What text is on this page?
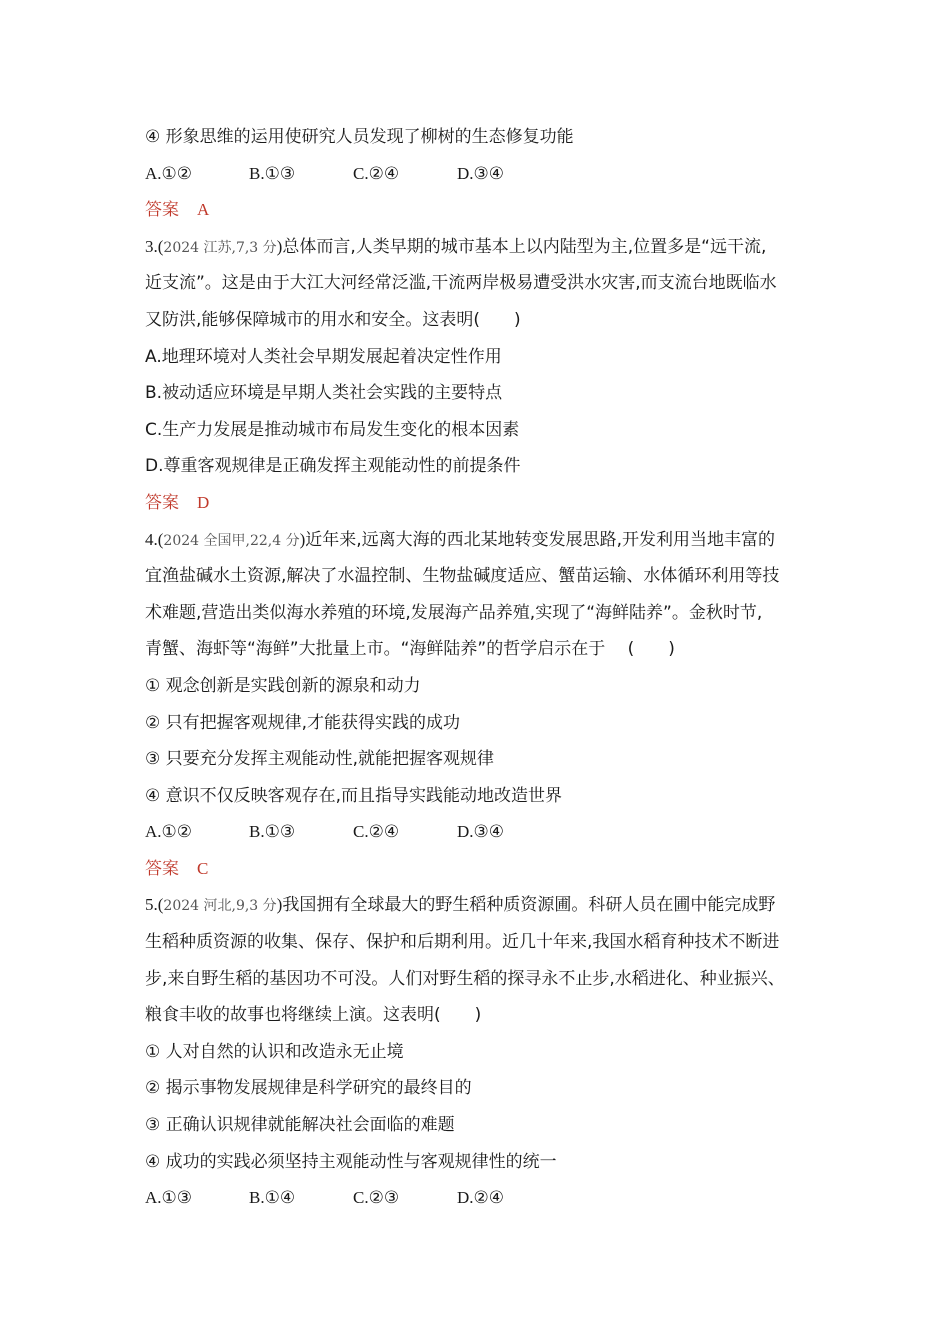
④ 形象思维的运用使研究人员发现了柳树的生态修复功能
A.①②	B.①③	C.②④	D.③④
答案 A
3.(2024 江苏,7,3 分)总体而言,人类早期的城市基本上以内陆型为主,位置多是“远干流,
近支流”。这是由于大江大河经常泛滥,干流两岸极易遭受洪水灾害,而支流台地既临水
又防洪,能够保障城市的用水和安全。这表明(　　)
A.地理环境对人类社会早期发展起着决定性作用
B.被动适应环境是早期人类社会实践的主要特点
C.生产力发展是推动城市布局发生变化的根本因素
D.尊重客观规律是正确发挥主观能动性的前提条件
答案 D
4.(2024 全国甲,22,4 分)近年来,远离大海的西北某地转变发展思路,开发利用当地丰富的
宜渔盐碱水土资源,解决了水温控制、生物盐碱度适应、蟹苗运输、水体循环利用等技
术难题,营造出类似海水养殖的环境,发展海产品养殖,实现了“海鲜陆养”。金秋时节,
青蟹、海虾等“海鲜”大批量上市。“海鲜陆养”的哲学启示在于　 (　　)
① 观念创新是实践创新的源泉和动力
② 只有把握客观规律,才能获得实践的成功
③ 只要充分发挥主观能动性,就能把握客观规律
④ 意识不仅反映客观存在,而且指导实践能动地改造世界
A.①②	B.①③	C.②④	D.③④
答案 C
5.(2024 河北,9,3 分)我国拥有全球最大的野生稻种质资源圃。科研人员在圃中能完成野
生稻种质资源的收集、保存、保护和后期利用。近几十年来,我国水稻育种技术不断进
步,来自野生稻的基因功不可没。人们对野生稻的探寻永不止步,水稻进化、种业振兴、
粮食丰收的故事也将继续上演。这表明(　　)
① 人对自然的认识和改造永无止境
② 揭示事物发展规律是科学研究的最终目的
③ 正确认识规律就能解决社会面临的难题
④ 成功的实践必须坚持主观能动性与客观规律性的统一
A.①③	B.①④	C.②③	D.②④
